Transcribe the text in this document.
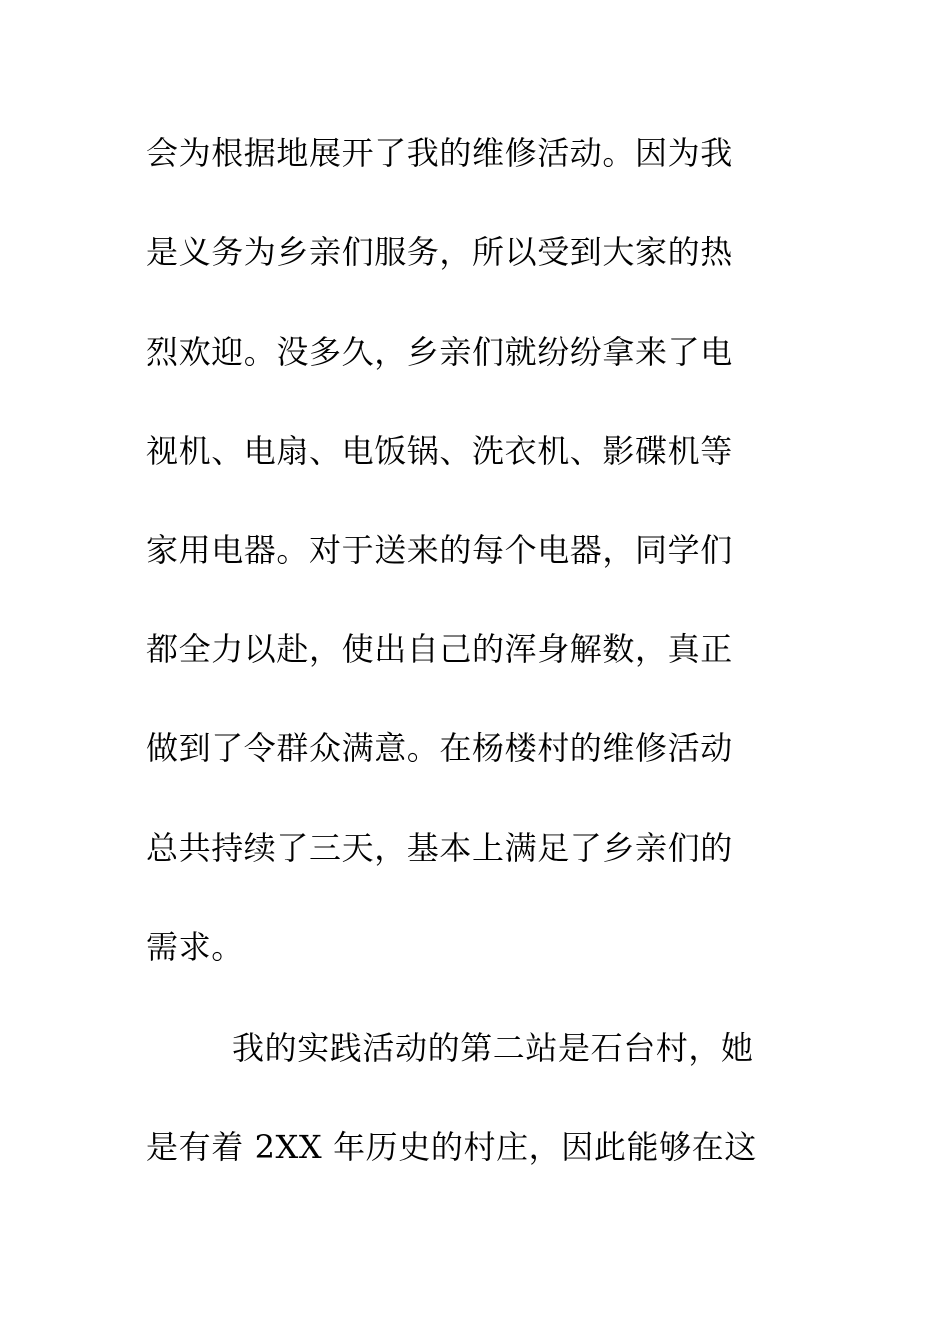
会为根据地展开了我的维修活动。因为我

是义务为乡亲们服务，所以受到大家的热

烈欢迎。没多久，乡亲们就纷纷拿来了电

视机、电扇、电饭锅、洗衣机、影碟机等

家用电器。对于送来的每个电器，同学们

都全力以赴，使出自己的浑身解数，真正

做到了令群众满意。在杨楼村的维修活动

总共持续了三天，基本上满足了乡亲们的

需求。

我的实践活动的第二站是石台村，她

是有着 2XX 年历史的村庄，因此能够在这
